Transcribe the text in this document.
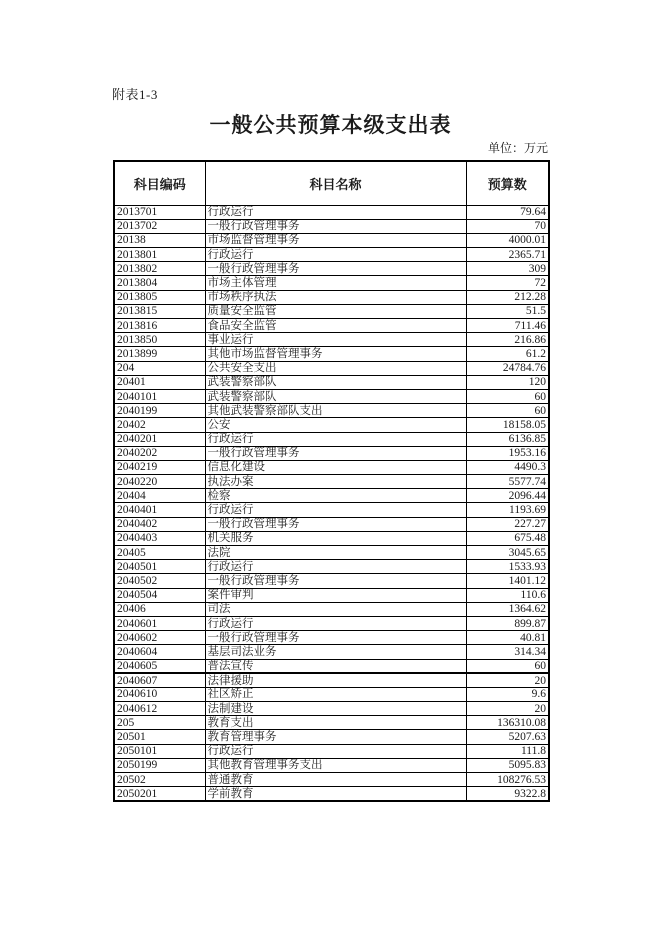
附表1-3
一般公共预算本级支出表
单位：万元
科目编码	科目名称	预算数
2013701	行政运行	79.64
2013702	一般行政管理事务	70
20138	市场监督管理事务	4000.01
2013801	行政运行	2365.71
2013802	一般行政管理事务	309
2013804	市场主体管理	72
2013805	市场秩序执法	212.28
2013815	质量安全监管	51.5
2013816	食品安全监管	711.46
2013850	事业运行	216.86
2013899	其他市场监督管理事务	61.2
204	公共安全支出	24784.76
20401	武装警察部队	120
2040101	武装警察部队	60
2040199	其他武装警察部队支出	60
20402	公安	18158.05
2040201	行政运行	6136.85
2040202	一般行政管理事务	1953.16
2040219	信息化建设	4490.3
2040220	执法办案	5577.74
20404	检察	2096.44
2040401	行政运行	1193.69
2040402	一般行政管理事务	227.27
2040403	机关服务	675.48
20405	法院	3045.65
2040501	行政运行	1533.93
2040502	一般行政管理事务	1401.12
2040504	案件审判	110.6
20406	司法	1364.62
2040601	行政运行	899.87
2040602	一般行政管理事务	40.81
2040604	基层司法业务	314.34
2040605	普法宣传	60
2040607	法律援助	20
2040610	社区矫正	9.6
2040612	法制建设	20
205	教育支出	136310.08
20501	教育管理事务	5207.63
2050101	行政运行	111.8
2050199	其他教育管理事务支出	5095.83
20502	普通教育	108276.53
2050201	学前教育	9322.8
